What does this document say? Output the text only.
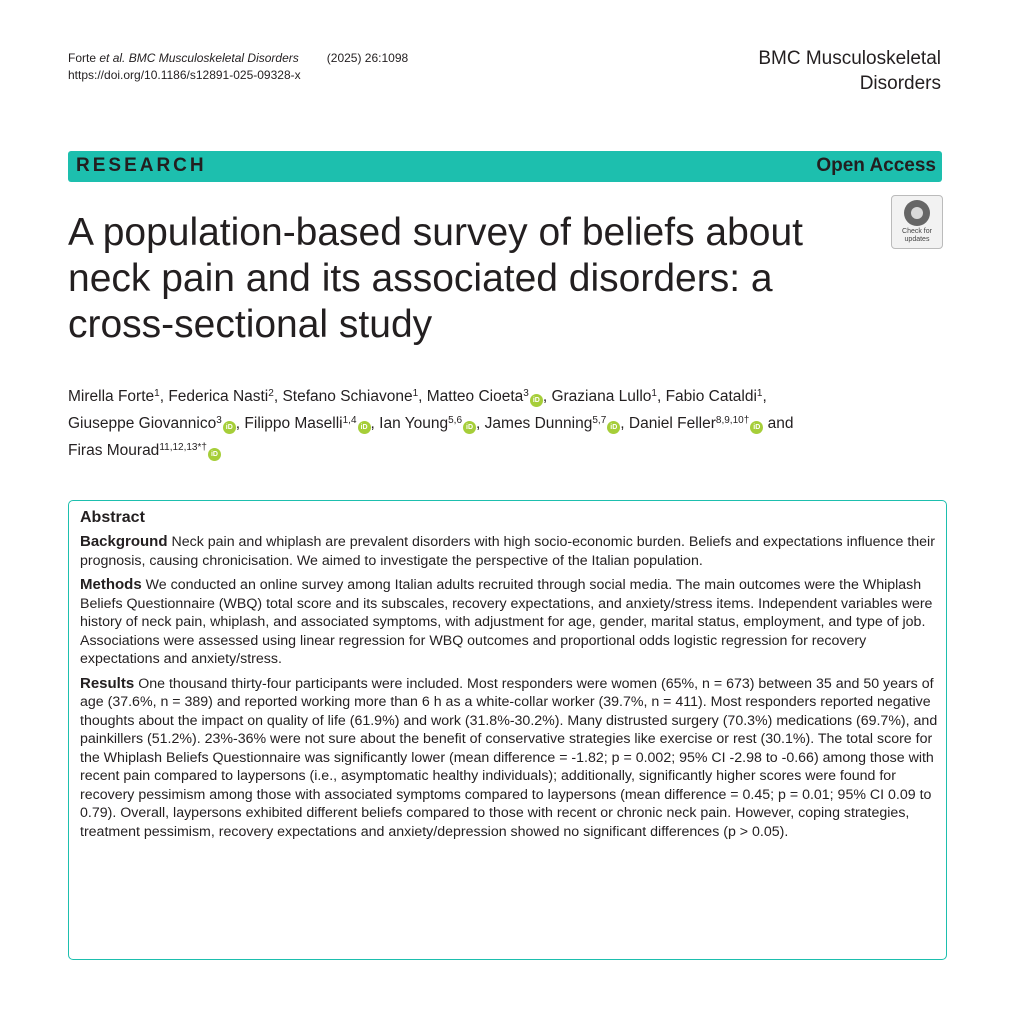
Forte et al. BMC Musculoskeletal Disorders (2025) 26:1098
https://doi.org/10.1186/s12891-025-09328-x
BMC Musculoskeletal
Disorders
RESEARCH	Open Access
A population-based survey of beliefs about neck pain and its associated disorders: a cross-sectional study
Check for
updates
Mirella Forte$^1$, Federica Nasti$^2$, Stefano Schiavone$^1$, Matteo Cioeta$^3$iD , Graziana Lullo$^1$, Fabio Cataldi$^1$,
Giuseppe Giovannico$^3$iD , Filippo Maselli$^{1,4}$iD , Ian Young$^{5,6}$iD , James Dunning$^{5,7}$iD , Daniel Feller$^{8,9,10\dagger}$iD and
Firas Mourad$^{11,12,13*\dagger}$iD
Abstract

Background Neck pain and whiplash are prevalent disorders with high socio-economic burden. Beliefs and expectations influence their prognosis, causing chronicisation. We aimed to investigate the perspective of the Italian population.

Methods We conducted an online survey among Italian adults recruited through social media. The main outcomes were the Whiplash Beliefs Questionnaire (WBQ) total score and its subscales, recovery expectations, and anxiety/stress items. Independent variables were history of neck pain, whiplash, and associated symptoms, with adjustment for age, gender, marital status, employment, and type of job. Associations were assessed using linear regression for WBQ outcomes and proportional odds logistic regression for recovery expectations and anxiety/stress.

Results One thousand thirty-four participants were included. Most responders were women (65%, n = 673) between 35 and 50 years of age (37.6%, n = 389) and reported working more than 6 h as a white-collar worker (39.7%, n = 411). Most responders reported negative thoughts about the impact on quality of life (61.9%) and work (31.8%-30.2%). Many distrusted surgery (70.3%) medications (69.7%), and painkillers (51.2%). 23%-36% were not sure about the benefit of conservative strategies like exercise or rest (30.1%). The total score for the Whiplash Beliefs Questionnaire was significantly lower (mean difference = -1.82; p = 0.002; 95% CI -2.98 to -0.66) among those with recent pain compared to laypersons (i.e., asymptomatic healthy individuals); additionally, significantly higher scores were found for recovery pessimism among those with associated symptoms compared to laypersons (mean difference = 0.45; p = 0.01; 95% CI 0.09 to 0.79). Overall, laypersons exhibited different beliefs compared to those with recent or chronic neck pain. However, coping strategies, treatment pessimism, recovery expectations and anxiety/depression showed no significant differences (p > 0.05).
